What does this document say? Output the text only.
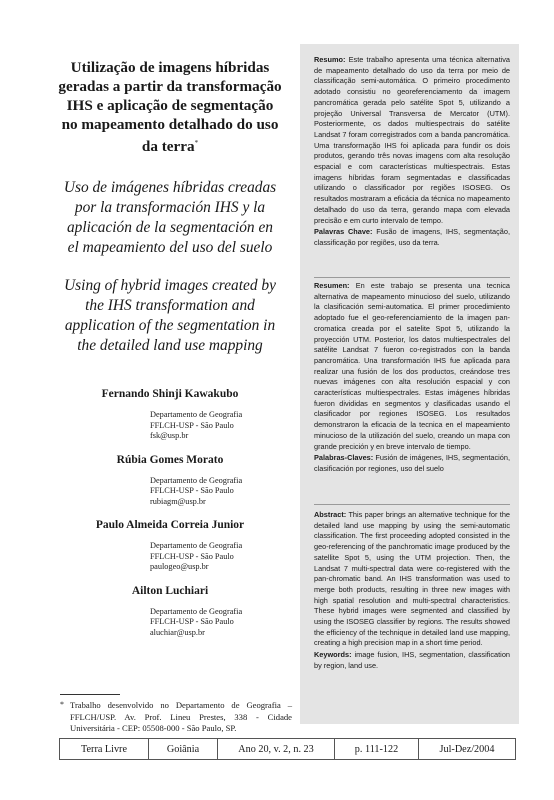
Utilização de imagens híbridas
geradas a partir da transformação
IHS e aplicação de segmentação
no mapeamento detalhado do uso
da terra*
Uso de imágenes híbridas creadas
por la transformación IHS y la
aplicación de la segmentación en
el mapeamiento del uso del suelo
Using of hybrid images created by
the IHS transformation and
application of the segmentation in
the detailed land use mapping
Fernando Shinji Kawakubo
Departamento de Geografia
FFLCH-USP - São Paulo
fsk@usp.br
Rúbia Gomes Morato
Departamento de Geografia
FFLCH-USP - São Paulo
rubiagm@usp.br
Paulo Almeida Correia Junior
Departamento de Geografia
FFLCH-USP - São Paulo
paulogeo@usp.br
Ailton Luchiari
Departamento de Geografia
FFLCH-USP - São Paulo
aluchiar@usp.br
* Trabalho desenvolvido no Departamento de Geografia – FFLCH/USP. Av. Prof. Lineu Prestes, 338 - Cidade Universitária - CEP: 05508-000 - São Paulo, SP.
Resumo: Este trabalho apresenta uma técnica alternativa de mapeamento detalhado do uso da terra por meio de classificação semi-automática. O primeiro procedimento adotado consistiu no georeferenciamento da imagem pancromática gerada pelo satélite Spot 5, utilizando a projeção Universal Transversa de Mercator (UTM). Posteriormente, os dados multiespectrais do satélite Landsat 7 foram corregistrados com a banda pancromática. Uma transformação IHS foi aplicada para fundir os dois produtos, gerando três novas imagens com alta resolução espacial e com características multiespectrais. Estas imagens híbridas foram segmentadas e classificadas utilizando o classificador por regiões ISOSEG. Os resultados mostraram a eficácia da técnica no mapeamento detalhado do uso da terra, gerando mapa com elevada precisão e em curto intervalo de tempo.
Palavras Chave: Fusão de imagens, IHS, segmentação, classificação por regiões, uso da terra.
Resumen: En este trabajo se presenta una tecnica alternativa de mapeamento minucioso del suelo, utilizando la clasificación semi-automatica. El primer procedimiento adoptado fue el geo-referenciamiento de la imagen pan-cromatica creada por el satelite Spot 5, utilizando la proyección UTM. Posterior, los datos multiespectrales del satélite Landsat 7 fueron co-registrados con la banda pancromática. Una transformación IHS fue aplicada para realizar una fusión de los dos productos, creándose tres nuevas imágenes con alta resolución espacial y con características multiespectrales. Estas imágenes híbridas fueron divididas en segmentos y clasificadas usando el clasificador por regiones ISOSEG. Los resultados demonstraron la eficacia de la tecnica en el mapeamiento minucioso de la utilización del suelo, creando un mapa con grande precición y en breve intervalo de tiempo.
Palabras-Claves: Fusión de imágenes, IHS, segmentación, clasificación por regiones, uso del suelo
Abstract: This paper brings an alternative technique for the detailed land use mapping by using the semi-automatic classification. The first proceeding adopted consisted in the geo-referencing of the panchromatic image produced by the satellite Spot 5, using the UTM projection. Then, the Landsat 7 multi-spectral data were co-registered with the pan-chromatic band. An IHS transformation was used to merge both products, resulting in three new images with high spatial resolution and multi-spectral characteristics. These hybrid images were segmented and classified by using the ISOSEG classifier by regions. The results showed the efficiency of the technique in detailed land use mapping, creating a high precision map in a short time period.
Keywords: image fusion, IHS, segmentation, classification by region, land use.
Terra Livre	Goiânia	Ano 20, v. 2, n. 23	p. 111-122	Jul-Dez/2004
